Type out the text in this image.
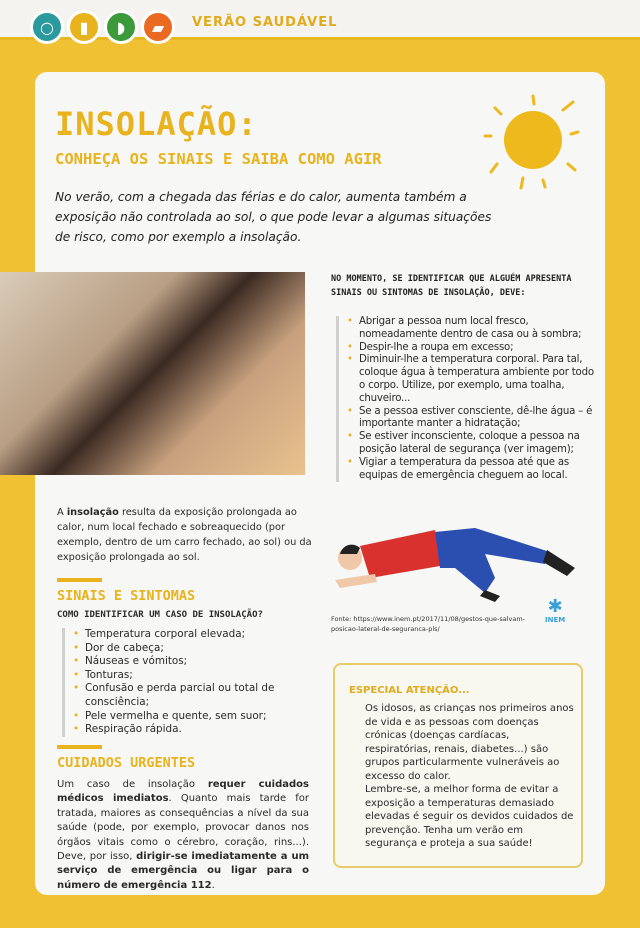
○	▮	◗	▰	VERÃO SAUDÁVEL
INSOLAÇÃO:
CONHEÇA OS SINAIS E SAIBA COMO AGIR

No verão, com a chegada das férias e do calor, aumenta também a exposição não controlada ao sol, o que pode levar a algumas situações de risco, como por exemplo a insolação.

NO MOMENTO, SE IDENTIFICAR QUE ALGUÉM APRESENTA SINAIS OU SINTOMAS DE INSOLAÇÃO, DEVE:
• Abrigar a pessoa num local fresco, nomeadamente dentro de casa ou à sombra;
• Despir-lhe a roupa em excesso;
• Diminuir-lhe a temperatura corporal. Para tal, coloque água à temperatura ambiente por todo o corpo. Utilize, por exemplo, uma toalha, chuveiro...
• Se a pessoa estiver consciente, dê-lhe água – é importante manter a hidratação;
• Se estiver inconsciente, coloque a pessoa na posição lateral de segurança (ver imagem);
• Vigiar a temperatura da pessoa até que as equipas de emergência cheguem ao local.

A insolação resulta da exposição prolongada ao calor, num local fechado e sobreaquecido (por exemplo, dentro de um carro fechado, ao sol) ou da exposição prolongada ao sol.

SINAIS E SINTOMAS
COMO IDENTIFICAR UM CASO DE INSOLAÇÃO?
• Temperatura corporal elevada;
• Dor de cabeça;
• Náuseas e vómitos;
• Tonturas;
• Confusão e perda parcial ou total de consciência;
• Pele vermelha e quente, sem suor;
• Respiração rápida.
CUIDADOS URGENTES

Um caso de insolação requer cuidados médicos imediatos. Quanto mais tarde for tratada, maiores as consequências a nível da sua saúde (pode, por exemplo, provocar danos nos órgãos vitais como o cérebro, coração, rins...). Deve, por isso, dirigir-se imediatamente a um serviço de emergência ou ligar para o número de emergência 112.

Fonte: https://www.inem.pt/2017/11/08/gestos-que-salvam-posicao-lateral-de-seguranca-pls/
✱
INEM
ESPECIAL ATENÇÃO...

Os idosos, as crianças nos primeiros anos de vida e as pessoas com doenças crónicas (doenças cardíacas, respiratórias, renais, diabetes...) são grupos particularmente vulneráveis ao excesso do calor.

Lembre-se, a melhor forma de evitar a exposição a temperaturas demasiado elevadas é seguir os devidos cuidados de prevenção. Tenha um verão em segurança e proteja a sua saúde!
